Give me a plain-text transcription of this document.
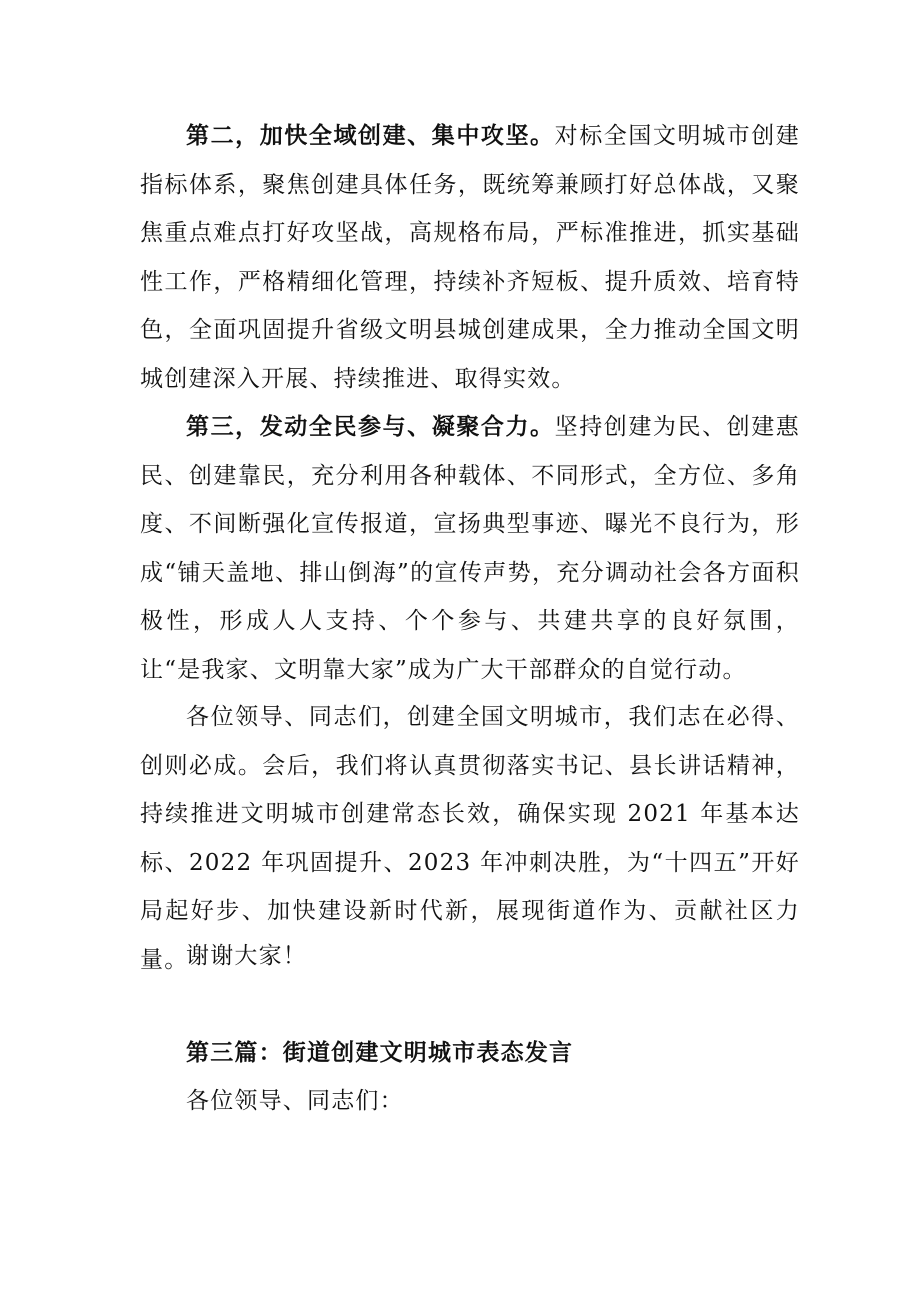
第二，加快全域创建、集中攻坚。对标全国文明城市创建指标体系，聚焦创建具体任务，既统筹兼顾打好总体战，又聚焦重点难点打好攻坚战，高规格布局，严标准推进，抓实基础性工作，严格精细化管理，持续补齐短板、提升质效、培育特色，全面巩固提升省级文明县城创建成果，全力推动全国文明城创建深入开展、持续推进、取得实效。

第三，发动全民参与、凝聚合力。坚持创建为民、创建惠民、创建靠民，充分利用各种载体、不同形式，全方位、多角度、不间断强化宣传报道，宣扬典型事迹、曝光不良行为，形成“铺天盖地、排山倒海”的宣传声势，充分调动社会各方面积极性，形成人人支持、个个参与、共建共享的良好氛围，让“是我家、文明靠大家”成为广大干部群众的自觉行动。

各位领导、同志们，创建全国文明城市，我们志在必得、创则必成。会后，我们将认真贯彻落实书记、县长讲话精神，持续推进文明城市创建常态长效，确保实现 2021 年基本达标、2022 年巩固提升、2023 年冲刺决胜，为“十四五”开好局起好步、加快建设新时代新，展现街道作为、贡献社区力量。

谢谢大家！

第三篇：街道创建文明城市表态发言

各位领导、同志们：
